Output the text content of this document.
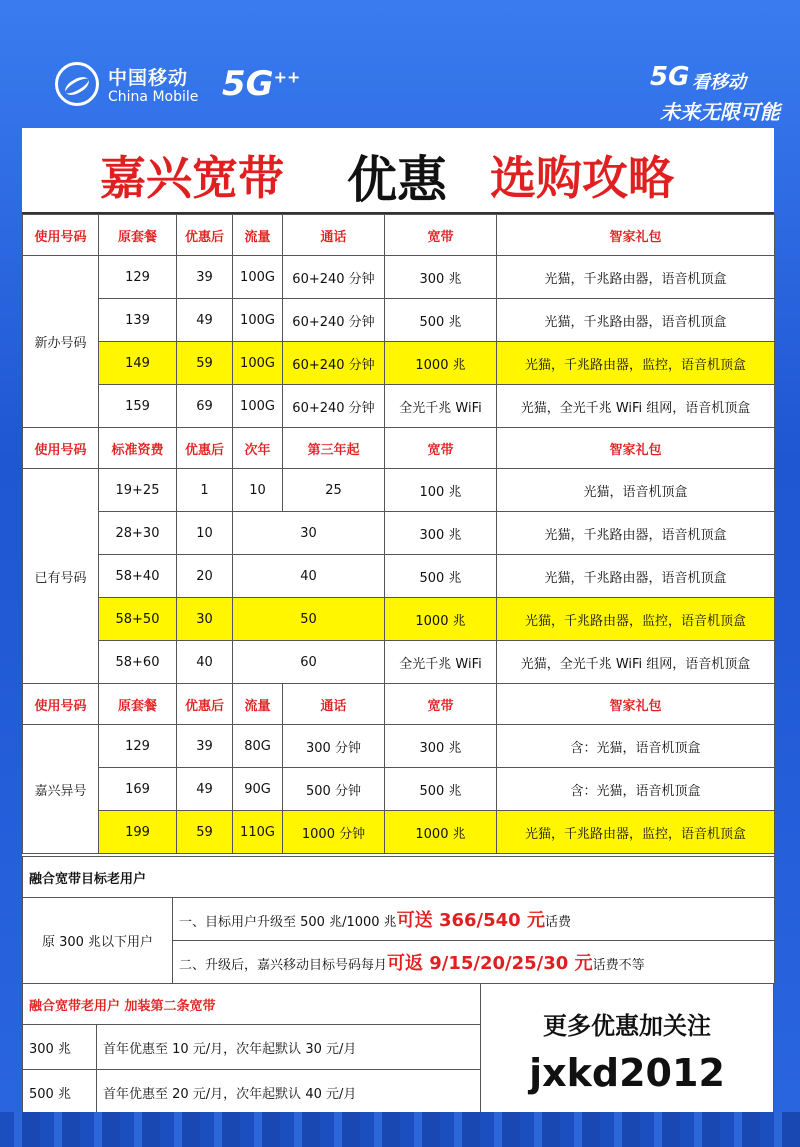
中国移动
China Mobile 5G++	5G 看移动
未来无限可能
嘉兴宽带 优惠 选购攻略
使用号码	原套餐	优惠后	流量	通话	宽带	智家礼包
新办号码	129	39	100G	60+240 分钟	300 兆	光猫，千兆路由器，语音机顶盒
	139	49	100G	60+240 分钟	500 兆	光猫，千兆路由器，语音机顶盒
	149	59	100G	60+240 分钟	1000 兆	光猫，千兆路由器，监控，语音机顶盒
	159	69	100G	60+240 分钟	全光千兆 WiFi	光猫，全光千兆 WiFi 组网，语音机顶盒
使用号码	标准资费	优惠后	次年	第三年起	宽带	智家礼包
已有号码	19+25	1	10	25	100 兆	光猫，语音机顶盒
	28+30	10	30		300 兆	光猫，千兆路由器，语音机顶盒
	58+40	20	40		500 兆	光猫，千兆路由器，语音机顶盒
	58+50	30	50		1000 兆	光猫，千兆路由器，监控，语音机顶盒
	58+60	40	60		全光千兆 WiFi	光猫，全光千兆 WiFi 组网，语音机顶盒
使用号码	原套餐	优惠后	流量	通话	宽带	智家礼包
嘉兴异号	129	39	80G	300 分钟	300 兆	含：光猫，语音机顶盒
	169	49	90G	500 分钟	500 兆	含：光猫，语音机顶盒
	199	59	110G	1000 分钟	1000 兆	光猫，千兆路由器，监控，语音机顶盒
融合宽带目标老用户
原 300 兆以下用户	一、目标用户升级至 500 兆/1000 兆可送 366/540 元话费
二、升级后，嘉兴移动目标号码每月可返 9/15/20/25/30 元话费不等
融合宽带老用户 加装第二条宽带	
300 兆	首年优惠至 10 元/月，次年起默认 30 元/月
500 兆	首年优惠至 20 元/月，次年起默认 40 元/月
更多优惠加关注
jxkd2012
